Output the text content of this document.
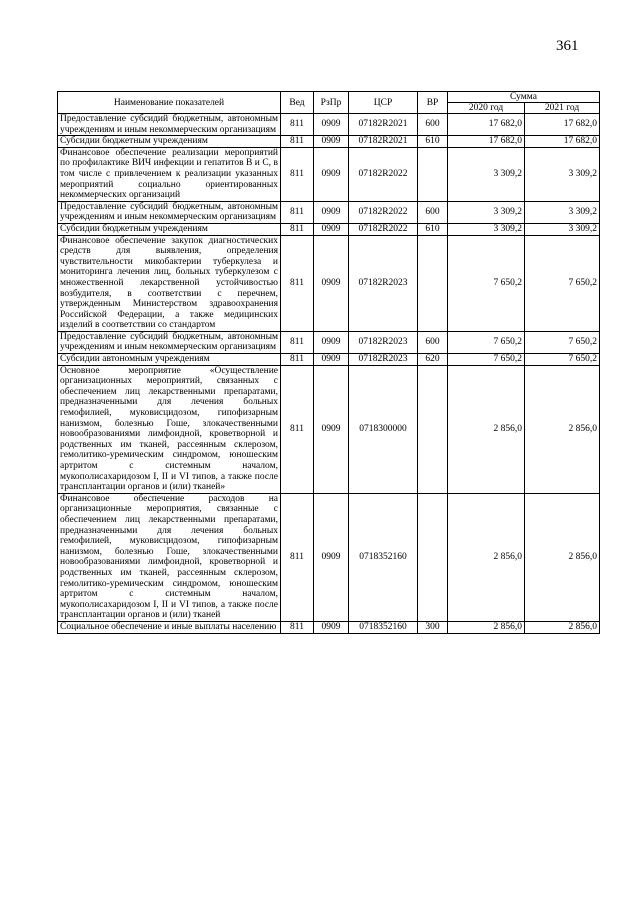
361
Наименование показателей	Вед	РзПр	ЦСР	ВР	Сумма	
					2020 год	2021 год
Предоставление субсидий бюджетным, автономным учреждениям и иным некоммерческим организациям	811	0909	07182R2021	600	17 682,0	17 682,0
Субсидии бюджетным учреждениям	811	0909	07182R2021	610	17 682,0	17 682,0
Финансовое обеспечение реализации мероприятий по профилактике ВИЧ инфекции и гепатитов B и C, в том числе с привлечением к реализации указанных мероприятий социально ориентированных некоммерческих организаций	811	0909	07182R2022		3 309,2	3 309,2
Предоставление субсидий бюджетным, автономным учреждениям и иным некоммерческим организациям	811	0909	07182R2022	600	3 309,2	3 309,2
Субсидии бюджетным учреждениям	811	0909	07182R2022	610	3 309,2	3 309,2
Финансовое обеспечение закупок диагностических средств для выявления, определения чувствительности микобактерии туберкулеза и мониторинга лечения лиц, больных туберкулезом с множественной лекарственной устойчивостью возбудителя, в соответствии с перечнем, утвержденным Министерством здравоохранения Российской Федерации, а также медицинских изделий в соответствии со стандартом	811	0909	07182R2023		7 650,2	7 650,2
Предоставление субсидий бюджетным, автономным учреждениям и иным некоммерческим организациям	811	0909	07182R2023	600	7 650,2	7 650,2
Субсидии автономным учреждениям	811	0909	07182R2023	620	7 650,2	7 650,2
Основное мероприятие «Осуществление организационных мероприятий, связанных с обеспечением лиц лекарственными препаратами, предназначенными для лечения больных гемофилией, муковисцидозом, гипофизарным нанизмом, болезнью Гоше, злокачественными новообразованиями лимфоидной, кроветворной и родственных им тканей, рассеянным склерозом, гемолитико-уремическим синдромом, юношеским артритом с системным началом, мукополисахаридозом I, II и VI типов, а также после трансплантации органов и (или) тканей»	811	0909	0718300000		2 856,0	2 856,0
Финансовое обеспечение расходов на организационные мероприятия, связанные с обеспечением лиц лекарственными препаратами, предназначенными для лечения больных гемофилией, муковисцидозом, гипофизарным нанизмом, болезнью Гоше, злокачественными новообразованиями лимфоидной, кроветворной и родственных им тканей, рассеянным склерозом, гемолитико-уремическим синдромом, юношеским артритом с системным началом, мукополисахаридозом I, II и VI типов, а также после трансплантации органов и (или) тканей	811	0909	0718352160		2 856,0	2 856,0
Социальное обеспечение и иные выплаты населению	811	0909	0718352160	300	2 856,0	2 856,0
